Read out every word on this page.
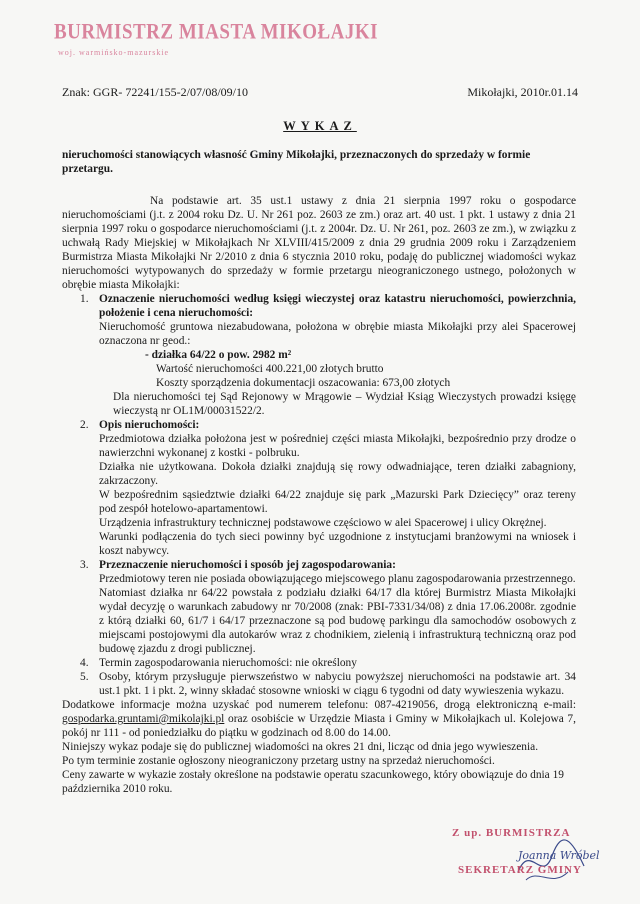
BURMISTRZ MIASTA MIKOŁAJKI
woj. warmińsko-mazurskie
Znak: GGR- 72241/155-2/07/08/09/10	Mikołajki, 2010r.01.14
WYKAZ

nieruchomości stanowiących własność Gminy Mikołajki, przeznaczonych do sprzedaży w formie przetargu.

Na podstawie art. 35 ust.1 ustawy z dnia 21 sierpnia 1997 roku o gospodarce nieruchomościami (j.t. z 2004 roku Dz. U. Nr 261 poz. 2603 ze zm.) oraz art. 40 ust. 1 pkt. 1 ustawy z dnia 21 sierpnia 1997 roku o gospodarce nieruchomościami (j.t. z 2004r. Dz. U. Nr 261, poz. 2603 ze zm.), w związku z uchwałą Rady Miejskiej w Mikołajkach Nr XLVIII/415/2009 z dnia 29 grudnia 2009 roku i Zarządzeniem Burmistrza Miasta Mikołajki Nr 2/2010 z dnia 6 stycznia 2010 roku, podaję do publicznej wiadomości wykaz nieruchomości wytypowanych do sprzedaży w formie przetargu nieograniczonego ustnego, położonych w obrębie miasta Mikołajki:

1. Oznaczenie nieruchomości według księgi wieczystej oraz katastru nieruchomości, powierzchnia, położenie i cena nieruchomości:

Nieruchomość gruntowa niezabudowana, położona w obrębie miasta Mikołajki przy alei Spacerowej oznaczona nr geod.:

- działka 64/22 o pow. 2982 m²

Wartość nieruchomości 400.221,00 złotych brutto

Koszty sporządzenia dokumentacji oszacowania: 673,00 złotych

Dla nieruchomości tej Sąd Rejonowy w Mrągowie – Wydział Ksiąg Wieczystych prowadzi księgę wieczystą nr OL1M/00031522/2.

2. Opis nieruchomości:

Przedmiotowa działka położona jest w pośredniej części miasta Mikołajki, bezpośrednio przy drodze o nawierzchni wykonanej z kostki - polbruku.

Działka nie użytkowana. Dokoła działki znajdują się rowy odwadniające, teren działki zabagniony, zakrzaczony.

W bezpośrednim sąsiedztwie działki 64/22 znajduje się park „Mazurski Park Dziecięcy” oraz tereny pod zespół hotelowo-apartamentowi.

Urządzenia infrastruktury technicznej podstawowe częściowo w alei Spacerowej i ulicy Okrężnej.

Warunki podłączenia do tych sieci powinny być uzgodnione z instytucjami branżowymi na wniosek i koszt nabywcy.

3. Przeznaczenie nieruchomości i sposób jej zagospodarowania:

Przedmiotowy teren nie posiada obowiązującego miejscowego planu zagospodarowania przestrzennego.

Natomiast działka nr 64/22 powstała z podziału działki 64/17 dla której Burmistrz Miasta Mikołajki wydał decyzję o warunkach zabudowy nr 70/2008 (znak: PBI-7331/34/08) z dnia 17.06.2008r. zgodnie z którą działki 60, 61/7 i 64/17 przeznaczone są pod budowę parkingu dla samochodów osobowych z miejscami postojowymi dla autokarów wraz z chodnikiem, zielenią i infrastrukturą techniczną oraz pod budowę zjazdu z drogi publicznej.

4. Termin zagospodarowania nieruchomości: nie określony

5. Osoby, którym przysługuje pierwszeństwo w nabyciu powyższej nieruchomości na podstawie art. 34 ust.1 pkt. 1 i pkt. 2, winny składać stosowne wnioski w ciągu 6 tygodni od daty wywieszenia wykazu.

Dodatkowe informacje można uzyskać pod numerem telefonu: 087-4219056, drogą elektroniczną e-mail: gospodarka.gruntami@mikolajki.pl oraz osobiście w Urzędzie Miasta i Gminy w Mikołajkach ul. Kolejowa 7, pokój nr 111 - od poniedziałku do piątku w godzinach od 8.00 do 14.00.

Niniejszy wykaz podaje się do publicznej wiadomości na okres 21 dni, licząc od dnia jego wywieszenia.

Po tym terminie zostanie ogłoszony nieograniczony przetarg ustny na sprzedaż nieruchomości.

Ceny zawarte w wykazie zostały określone na podstawie operatu szacunkowego, który obowiązuje do dnia 19 października 2010 roku.

Z up. BURMISTRZA
Joanna Wróbel
SEKRETARZ GMINY
